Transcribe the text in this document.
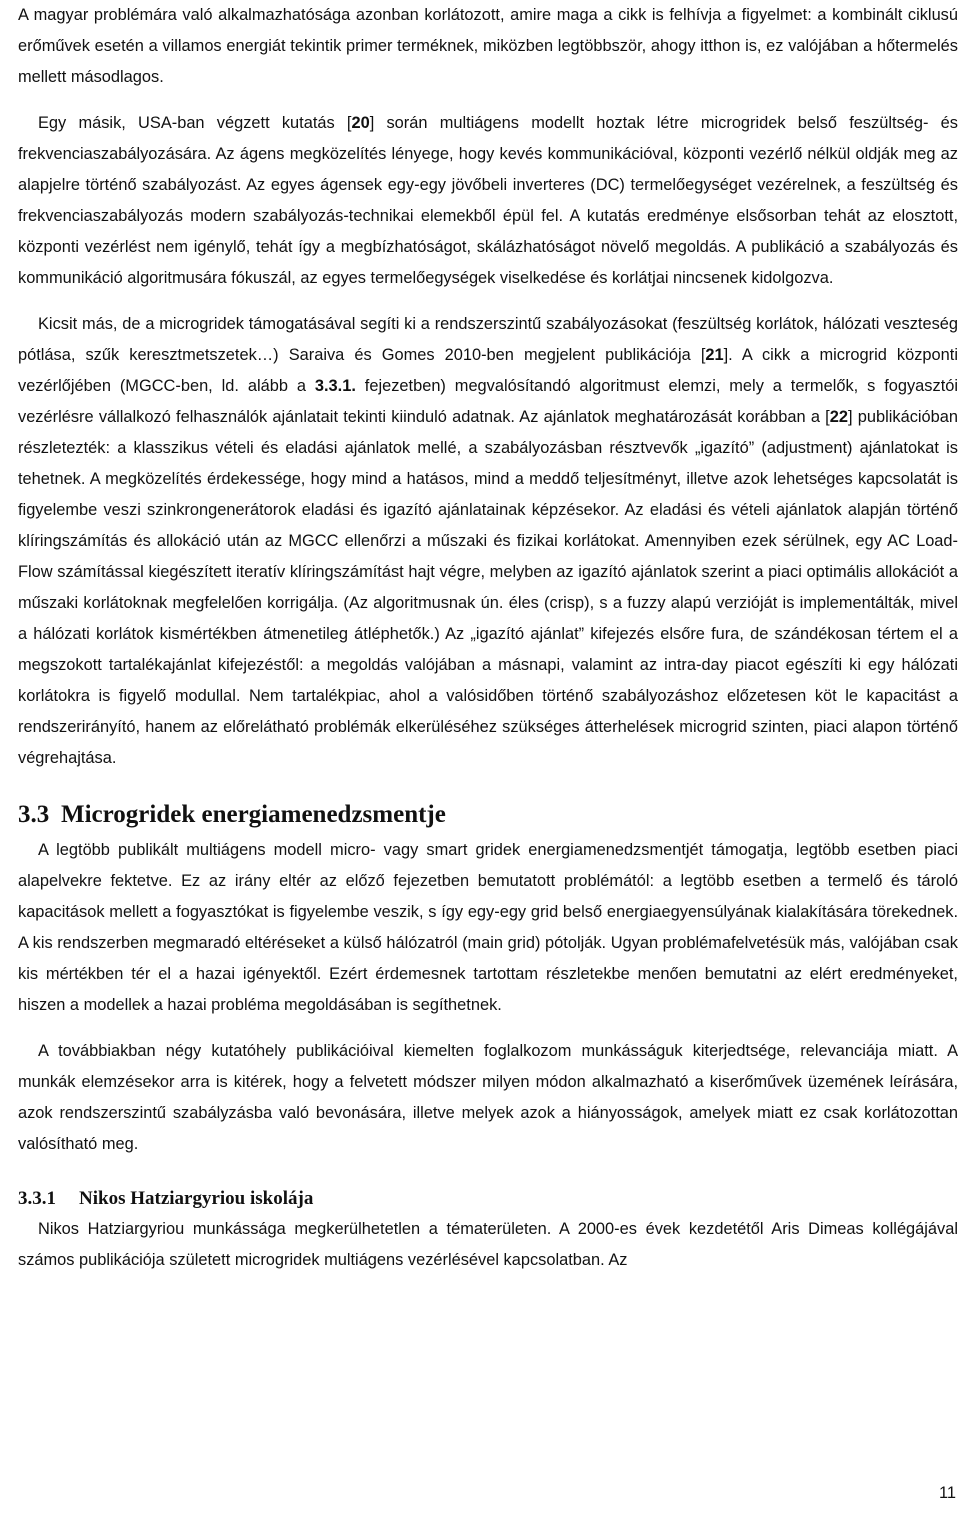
A magyar problémára való alkalmazhatósága azonban korlátozott, amire maga a cikk is felhívja a figyelmet: a kombinált ciklusú erőművek esetén a villamos energiát tekintik primer terméknek, miközben legtöbbször, ahogy itthon is, ez valójában a hőtermelés mellett másodlagos.

Egy másik, USA-ban végzett kutatás [20] során multiágens modellt hoztak létre microgridek belső feszültség- és frekvenciaszabályozására. Az ágens megközelítés lényege, hogy kevés kommunikációval, központi vezérlő nélkül oldják meg az alapjelre történő szabályozást. Az egyes ágensek egy-egy jövőbeli inverteres (DC) termelőegységet vezérelnek, a feszültség és frekvenciaszabályozás modern szabályozás-technikai elemekből épül fel. A kutatás eredménye elsősorban tehát az elosztott, központi vezérlést nem igénylő, tehát így a megbízhatóságot, skálázhatóságot növelő megoldás. A publikáció a szabályozás és kommunikáció algoritmusára fókuszál, az egyes termelőegységek viselkedése és korlátjai nincsenek kidolgozva.

Kicsit más, de a microgridek támogatásával segíti ki a rendszerszintű szabályozásokat (feszültség korlátok, hálózati veszteség pótlása, szűk keresztmetszetek…) Saraiva és Gomes 2010-ben megjelent publikációja [21]. A cikk a microgrid központi vezérlőjében (MGCC-ben, ld. alább a 3.3.1. fejezetben) megvalósítandó algoritmust elemzi, mely a termelők, s fogyasztói vezérlésre vállalkozó felhasználók ajánlatait tekinti kiinduló adatnak. Az ajánlatok meghatározását korábban a [22] publikációban részletezték: a klasszikus vételi és eladási ajánlatok mellé, a szabályozásban résztvevők „igazító” (adjustment) ajánlatokat is tehetnek. A megközelítés érdekessége, hogy mind a hatásos, mind a meddő teljesítményt, illetve azok lehetséges kapcsolatát is figyelembe veszi szinkrongenerátorok eladási és igazító ajánlatainak képzésekor. Az eladási és vételi ajánlatok alapján történő klíringszámítás és allokáció után az MGCC ellenőrzi a műszaki és fizikai korlátokat. Amennyiben ezek sérülnek, egy AC Load-Flow számítással kiegészített iteratív klíringszámítást hajt végre, melyben az igazító ajánlatok szerint a piaci optimális allokációt a műszaki korlátoknak megfelelően korrigálja. (Az algoritmusnak ún. éles (crisp), s a fuzzy alapú verzióját is implementálták, mivel a hálózati korlátok kismértékben átmenetileg átléphetők.) Az „igazító ajánlat” kifejezés elsőre fura, de szándékosan tértem el a megszokott tartalékajánlat kifejezéstől: a megoldás valójában a másnapi, valamint az intra-day piacot egészíti ki egy hálózati korlátokra is figyelő modullal. Nem tartalékpiac, ahol a valósidőben történő szabályozáshoz előzetesen köt le kapacitást a rendszerirányító, hanem az előrelátható problémák elkerüléséhez szükséges átterhelések microgrid szinten, piaci alapon történő végrehajtása.

3.3 Microgridek energiamenedzsmentje

A legtöbb publikált multiágens modell micro- vagy smart gridek energiamenedzsmentjét támogatja, legtöbb esetben piaci alapelvekre fektetve. Ez az irány eltér az előző fejezetben bemutatott problémától: a legtöbb esetben a termelő és tároló kapacitások mellett a fogyasztókat is figyelembe veszik, s így egy-egy grid belső energiaegyensúlyának kialakítására törekednek. A kis rendszerben megmaradó eltéréseket a külső hálózatról (main grid) pótolják. Ugyan problémafelvetésük más, valójában csak kis mértékben tér el a hazai igényektől. Ezért érdemesnek tartottam részletekbe menően bemutatni az elért eredményeket, hiszen a modellek a hazai probléma megoldásában is segíthetnek.

A továbbiakban négy kutatóhely publikációival kiemelten foglalkozom munkásságuk kiterjedtsége, relevanciája miatt. A munkák elemzésekor arra is kitérek, hogy a felvetett módszer milyen módon alkalmazható a kiserőművek üzemének leírására, azok rendszerszintű szabályzásba való bevonására, illetve melyek azok a hiányosságok, amelyek miatt ez csak korlátozottan valósítható meg.

3.3.1 Nikos Hatziargyriou iskolája

Nikos Hatziargyriou munkássága megkerülhetetlen a tématerületen. A 2000-es évek kezdetétől Aris Dimeas kollégájával számos publikációja született microgridek multiágens vezérlésével kapcsolatban. Az

11
